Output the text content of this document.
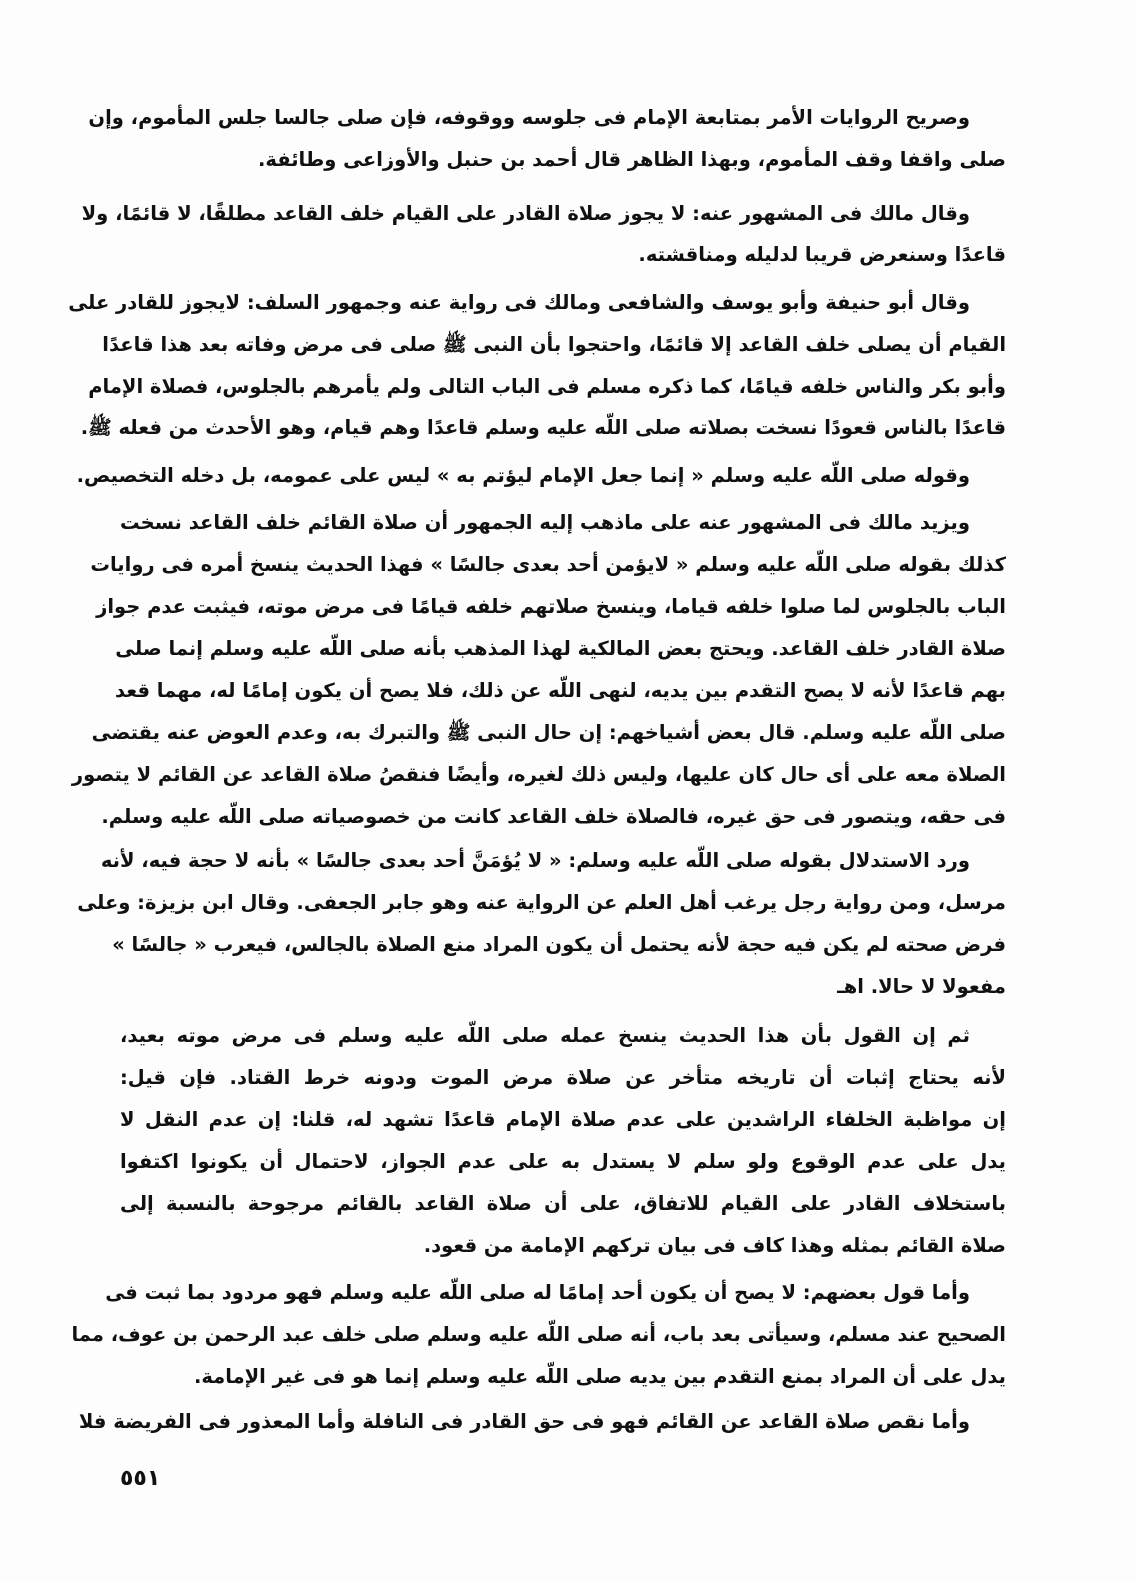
وصريح الروايات الأمر بمتابعة الإمام فى جلوسه ووقوفه، فإن صلى جالسا جلس المأموم، وإن
صلى واقفا وقف المأموم، وبهذا الظاهر قال أحمد بن حنبل والأوزاعى وطائفة.
وقال مالك فى المشهور عنه: لا يجوز صلاة القادر على القيام خلف القاعد مطلقًا، لا قائمًا، ولا
قاعدًا وسنعرض قريبا لدليله ومناقشته.
وقال أبو حنيفة وأبو يوسف والشافعى ومالك فى رواية عنه وجمهور السلف: لايجوز للقادر على
القيام أن يصلى خلف القاعد إلا قائمًا، واحتجوا بأن النبى ﷺ صلى فى مرض وفاته بعد هذا قاعدًا
وأبو بكر والناس خلفه قيامًا، كما ذكره مسلم فى الباب التالى ولم يأمرهم بالجلوس، فصلاة الإمام
قاعدًا بالناس قعودًا نسخت بصلاته صلى اللّه عليه وسلم قاعدًا وهم قيام، وهو الأحدث من فعله ﷺ.
وقوله صلى اللّه عليه وسلم « إنما جعل الإمام ليؤتم به » ليس على عمومه، بل دخله التخصيص.
ويزيد مالك فى المشهور عنه على ماذهب إليه الجمهور أن صلاة القائم خلف القاعد نسخت
كذلك بقوله صلى اللّه عليه وسلم « لايؤمن أحد بعدى جالسًا » فهذا الحديث ينسخ أمره فى روايات
الباب بالجلوس لما صلوا خلفه قياما، وينسخ صلاتهم خلفه قيامًا فى مرض موته، فيثبت عدم جواز
صلاة القادر خلف القاعد. ويحتج بعض المالكية لهذا المذهب بأنه صلى اللّه عليه وسلم إنما صلى
بهم قاعدًا لأنه لا يصح التقدم بين يديه، لنهى اللّه عن ذلك، فلا يصح أن يكون إمامًا له، مهما قعد
صلى اللّه عليه وسلم. قال بعض أشياخهم: إن حال النبى ﷺ والتبرك به، وعدم العوض عنه يقتضى
الصلاة معه على أى حال كان عليها، وليس ذلك لغيره، وأيضًا فنقصُ صلاة القاعد عن القائم لا يتصور
فى حقه، ويتصور فى حق غيره، فالصلاة خلف القاعد كانت من خصوصياته صلى اللّه عليه وسلم.
ورد الاستدلال بقوله صلى اللّه عليه وسلم: « لا يُؤمَنَّ أحد بعدى جالسًا » بأنه لا حجة فيه، لأنه
مرسل، ومن رواية رجل يرغب أهل العلم عن الرواية عنه وهو جابر الجعفى. وقال ابن بزيزة: وعلى
فرض صحته لم يكن فيه حجة لأنه يحتمل أن يكون المراد منع الصلاة بالجالس، فيعرب « جالسًا »
مفعولا لا حالا. اهـ
ثم إن القول بأن هذا الحديث ينسخ عمله صلى اللّه عليه وسلم فى مرض موته بعيد،
لأنه يحتاج إثبات أن تاريخه متأخر عن صلاة مرض الموت ودونه خرط القتاد. فإن قيل:
إن مواظبة الخلفاء الراشدين على عدم صلاة الإمام قاعدًا تشهد له، قلنا: إن عدم النقل لا
يدل على عدم الوقوع ولو سلم لا يستدل به على عدم الجواز، لاحتمال أن يكونوا اكتفوا
باستخلاف القادر على القيام للاتفاق، على أن صلاة القاعد بالقائم مرجوحة بالنسبة إلى
صلاة القائم بمثله وهذا كاف فى بيان تركهم الإمامة من قعود.
وأما قول بعضهم: لا يصح أن يكون أحد إمامًا له صلى اللّه عليه وسلم فهو مردود بما ثبت فى
الصحيح عند مسلم، وسيأتى بعد باب، أنه صلى اللّه عليه وسلم صلى خلف عبد الرحمن بن عوف، مما
يدل على أن المراد بمنع التقدم بين يديه صلى اللّه عليه وسلم إنما هو فى غير الإمامة.
وأما نقص صلاة القاعد عن القائم فهو فى حق القادر فى النافلة وأما المعذور فى الفريضة فلا
٥٥١
